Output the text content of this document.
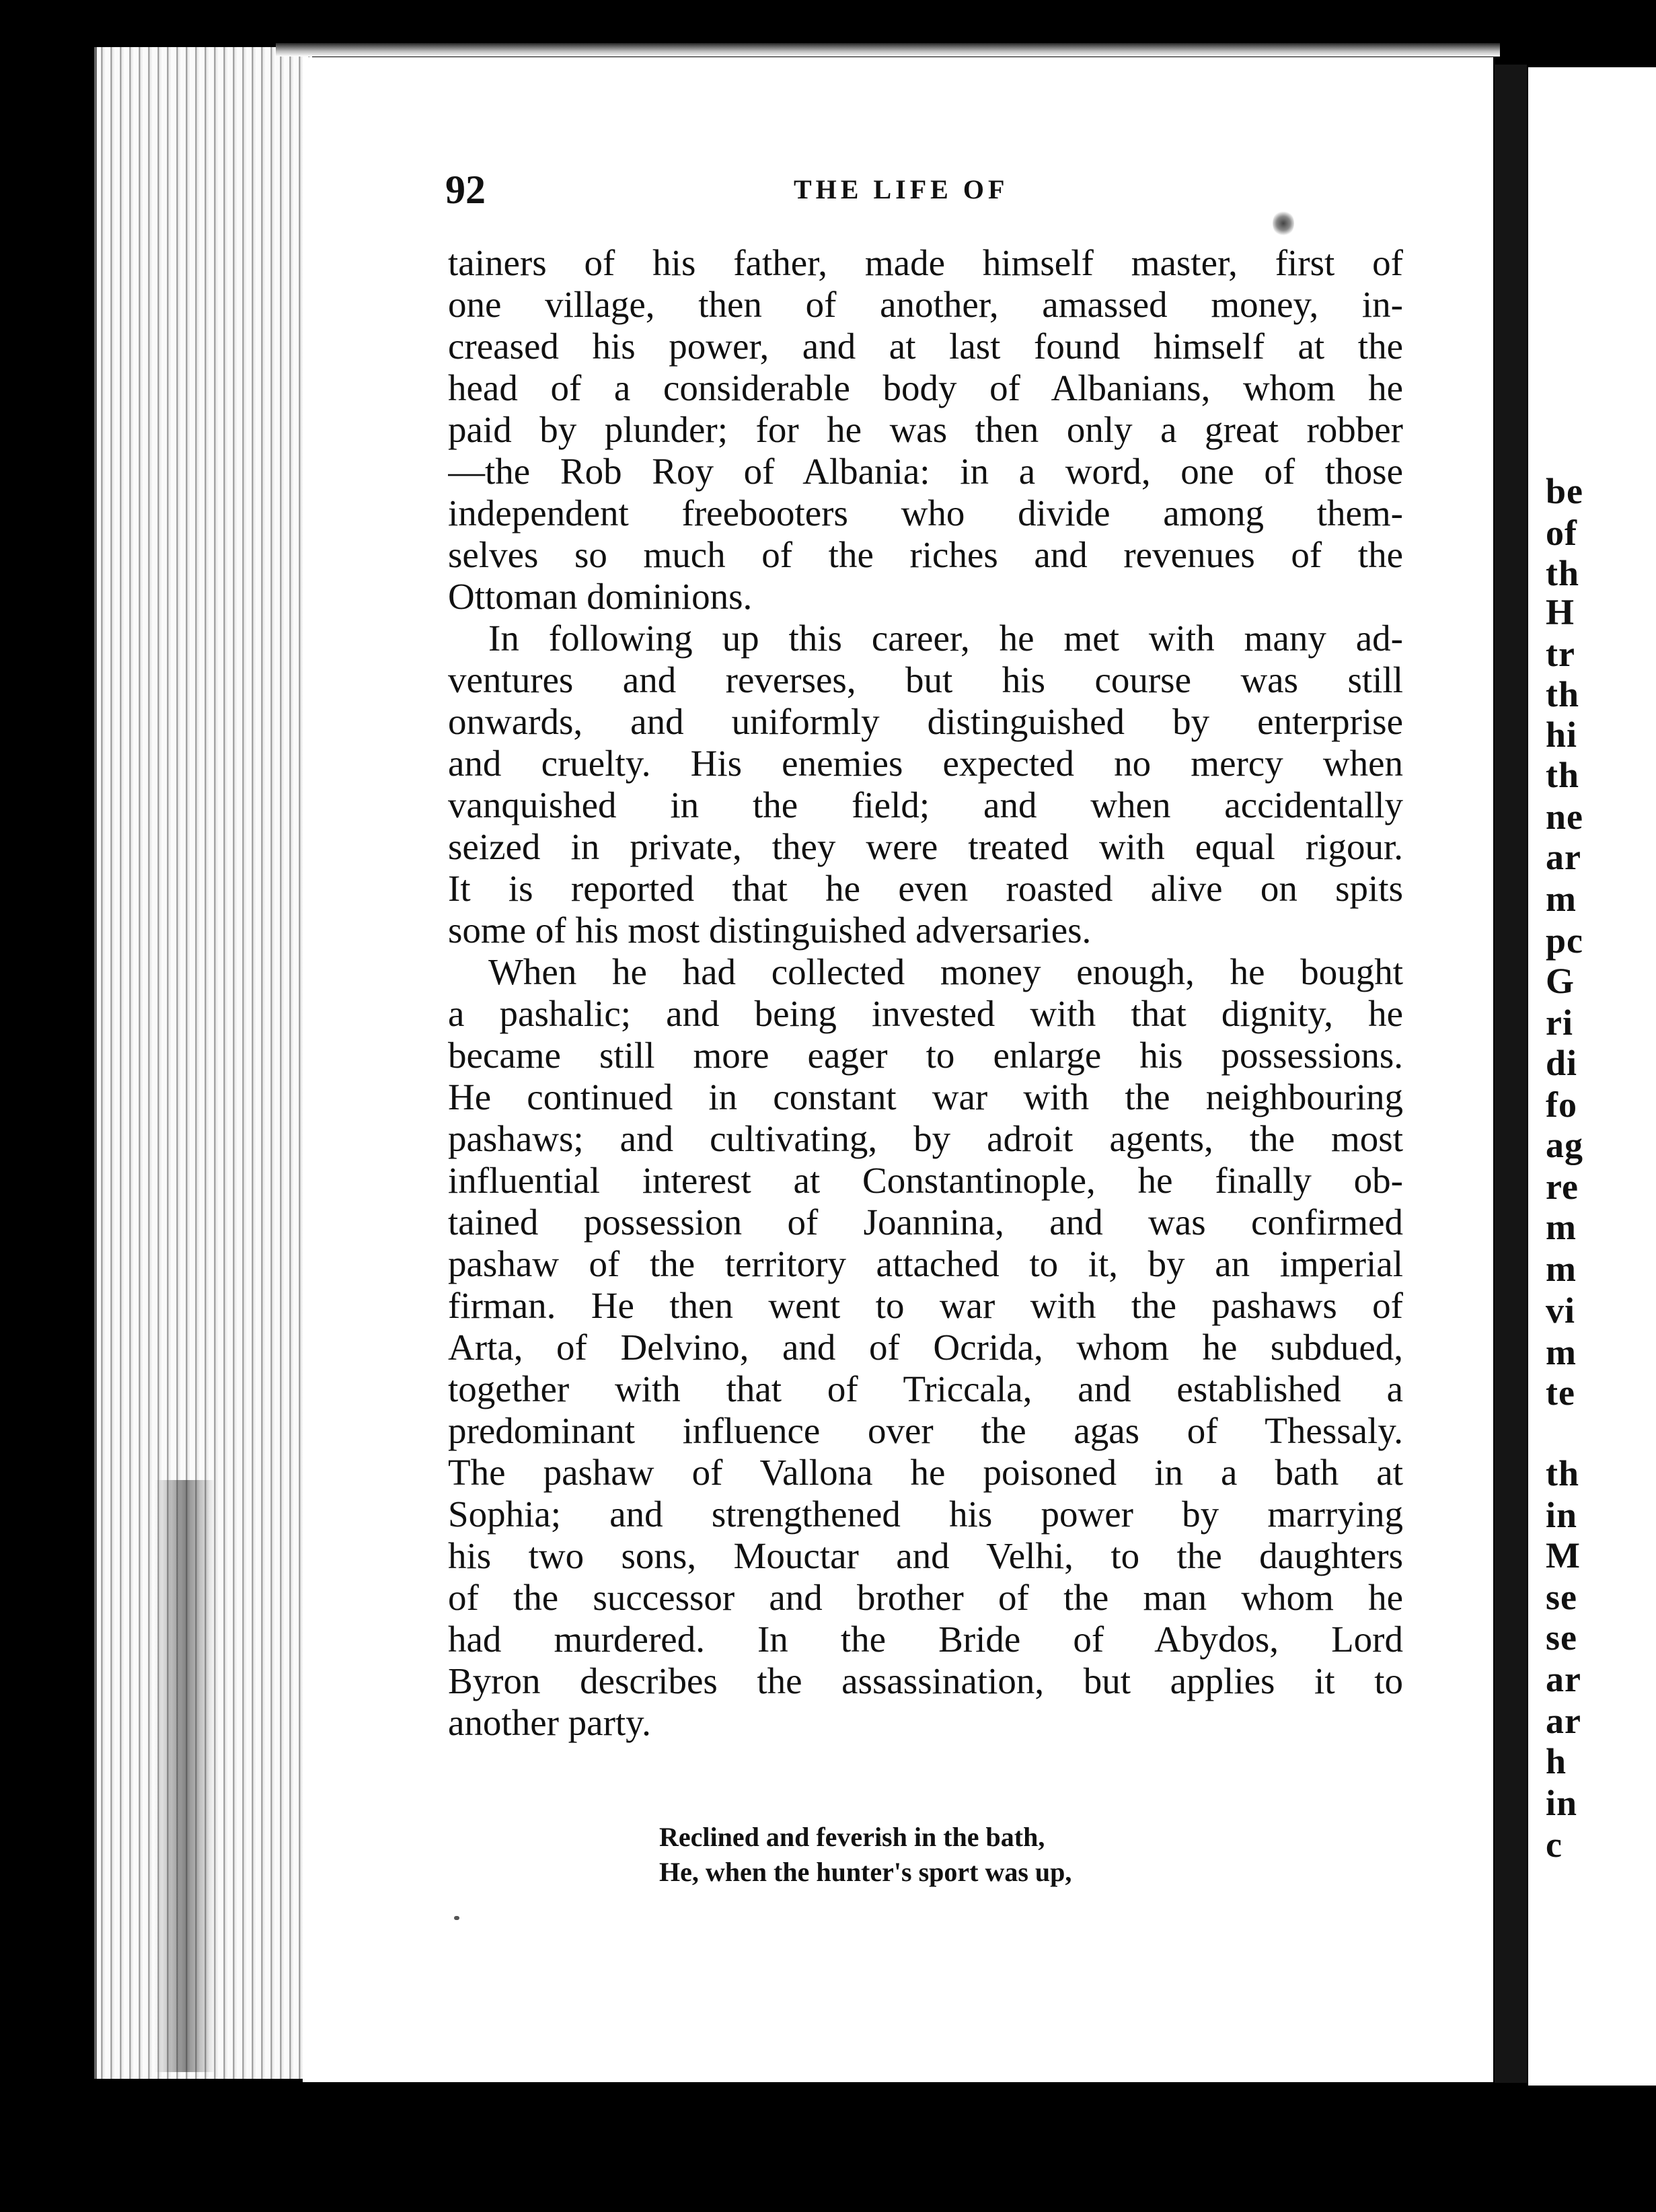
92	THE LIFE OF
tainers of his father, made himself master, first of
one village, then of another, amassed money, in-
creased his power, and at last found himself at the
head of a considerable body of Albanians, whom he
paid by plunder; for he was then only a great robber
—the Rob Roy of Albania: in a word, one of those
independent freebooters who divide among them-
selves so much of the riches and revenues of the
Ottoman dominions.
In following up this career, he met with many ad-
ventures and reverses, but his course was still
onwards, and uniformly distinguished by enterprise
and cruelty. His enemies expected no mercy when
vanquished in the field; and when accidentally
seized in private, they were treated with equal rigour.
It is reported that he even roasted alive on spits
some of his most distinguished adversaries.
When he had collected money enough, he bought
a pashalic; and being invested with that dignity, he
became still more eager to enlarge his possessions.
He continued in constant war with the neighbouring
pashaws; and cultivating, by adroit agents, the most
influential interest at Constantinople, he finally ob-
tained possession of Joannina, and was confirmed
pashaw of the territory attached to it, by an imperial
firman. He then went to war with the pashaws of
Arta, of Delvino, and of Ocrida, whom he subdued,
together with that of Triccala, and established a
predominant influence over the agas of Thessaly.
The pashaw of Vallona he poisoned in a bath at
Sophia; and strengthened his power by marrying
his two sons, Mouctar and Velhi, to the daughters
of the successor and brother of the man whom he
had murdered. In the Bride of Abydos, Lord
Byron describes the assassination, but applies it to
another party.
Reclined and feverish in the bath,
He, when the hunter's sport was up,
be
of
th
H
tr
th
hi
th
ne
ar
m
pc
G
ri
di
fo
ag
re
m
m
vi
m
te
th
in
M
se
se
ar
ar
h
in
c
